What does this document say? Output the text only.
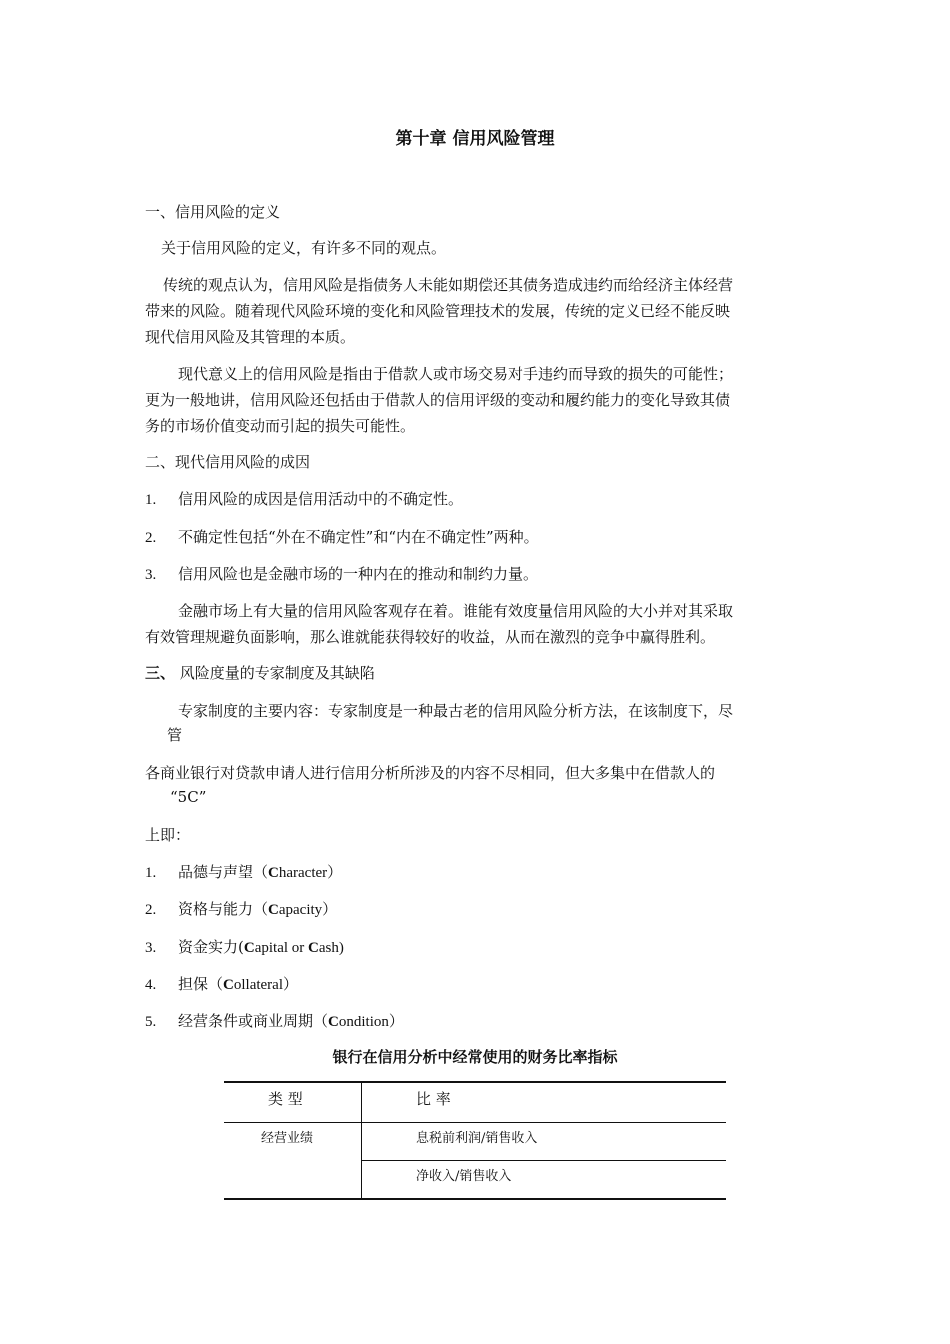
第十章 信用风险管理
一、信用风险的定义
关于信用风险的定义，有许多不同的观点。
传统的观点认为，信用风险是指债务人未能如期偿还其债务造成违约而给经济主体经营
带来的风险。随着现代风险环境的变化和风险管理技术的发展，传统的定义已经不能反映
现代信用风险及其管理的本质。
现代意义上的信用风险是指由于借款人或市场交易对手违约而导致的损失的可能性；
更为一般地讲，信用风险还包括由于借款人的信用评级的变动和履约能力的变化导致其债
务的市场价值变动而引起的损失可能性。
二、现代信用风险的成因
1. 信用风险的成因是信用活动中的不确定性。
2. 不确定性包括“外在不确定性”和“内在不确定性”两种。
3. 信用风险也是金融市场的一种内在的推动和制约力量。
金融市场上有大量的信用风险客观存在着。谁能有效度量信用风险的大小并对其采取
有效管理规避负面影响，那么谁就能获得较好的收益，从而在激烈的竞争中赢得胜利。
三、 风险度量的专家制度及其缺陷
专家制度的主要内容：专家制度是一种最古老的信用风险分析方法，在该制度下，尽
管
各商业银行对贷款申请人进行信用分析所涉及的内容不尽相同，但大多集中在借款人的
“5C”
上即：
1. 品德与声望（Character）
2. 资格与能力（Capacity）
3. 资金实力(Capital or Cash)
4. 担保（Collateral）
5. 经营条件或商业周期（Condition）
银行在信用分析中经常使用的财务比率指标
类 型	比 率
经营业绩	息税前利润/销售收入
净收入/销售收入
